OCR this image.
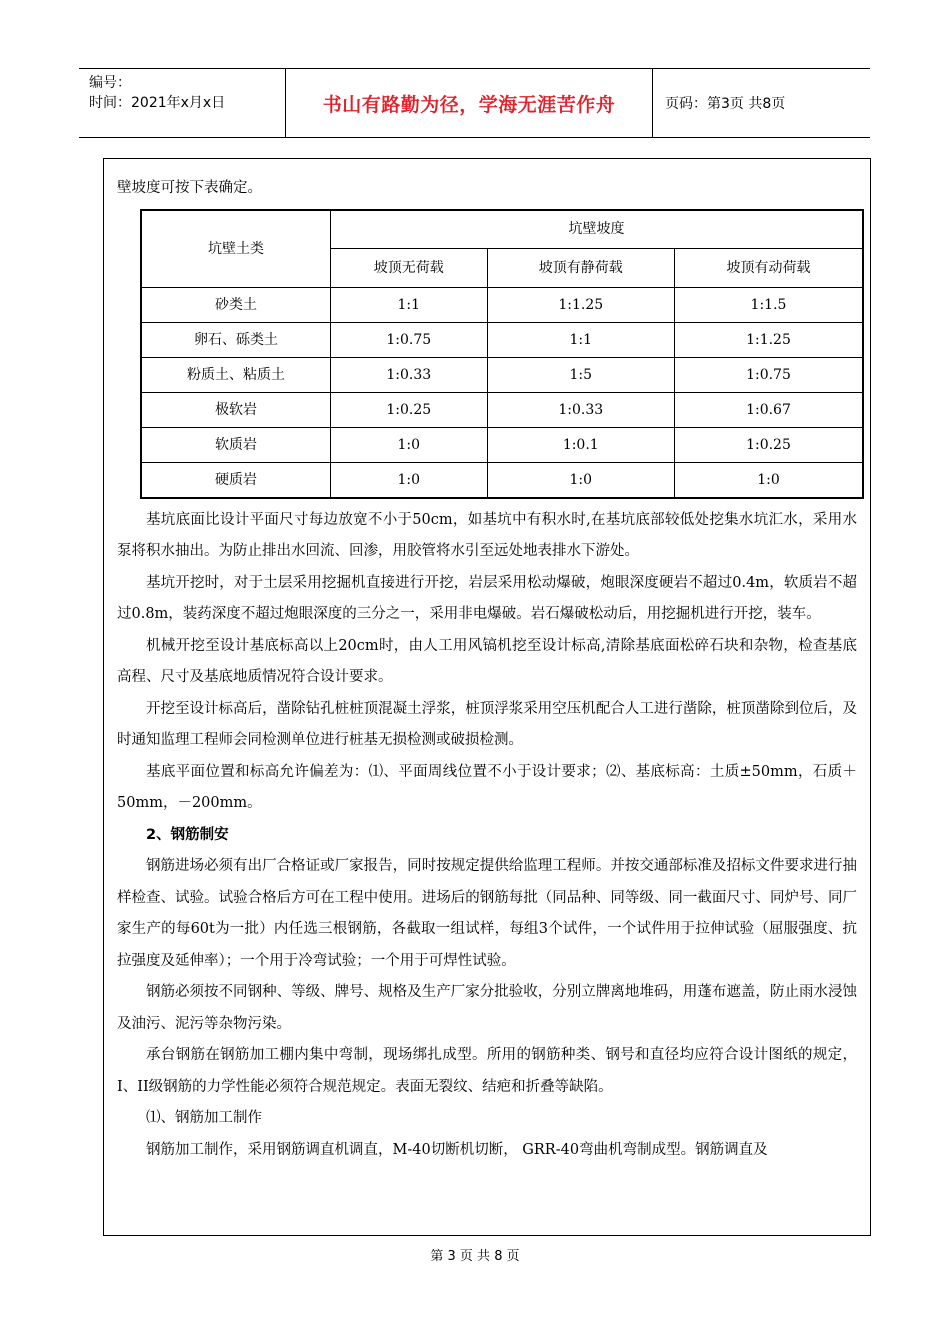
编号：
时间：2021年x月x日	书山有路勤为径，学海无涯苦作舟	页码：第3页 共8页

壁坡度可按下表确定。

坑壁土类	坑壁坡度		
	坡顶无荷载	坡顶有静荷载	坡顶有动荷载
砂类土	1:1	1:1.25	1:1.5
卵石、砾类土	1:0.75	1:1	1:1.25
粉质土、粘质土	1:0.33	1:5	1:0.75
极软岩	1:0.25	1:0.33	1:0.67
软质岩	1:0	1:0.1	1:0.25
硬质岩	1:0	1:0	1:0

基坑底面比设计平面尺寸每边放宽不小于50cm，如基坑中有积水时,在基坑底部较低处挖集水坑汇水，采用水泵将积水抽出。为防止排出水回流、回渗，用胶管将水引至远处地表排水下游处。

基坑开挖时，对于土层采用挖掘机直接进行开挖，岩层采用松动爆破，炮眼深度硬岩不超过0.4m，软质岩不超过0.8m，装药深度不超过炮眼深度的三分之一，采用非电爆破。岩石爆破松动后，用挖掘机进行开挖，装车。

机械开挖至设计基底标高以上20cm时，由人工用风镐机挖至设计标高,清除基底面松碎石块和杂物，检查基底高程、尺寸及基底地质情况符合设计要求。

开挖至设计标高后，凿除钻孔桩桩顶混凝土浮浆，桩顶浮浆采用空压机配合人工进行凿除，桩顶凿除到位后，及时通知监理工程师会同检测单位进行桩基无损检测或破损检测。

基底平面位置和标高允许偏差为：⑴、平面周线位置不小于设计要求；⑵、基底标高：土质±50mm，石质＋50mm，－200mm。

2、钢筋制安

钢筋进场必须有出厂合格证或厂家报告，同时按规定提供给监理工程师。并按交通部标准及招标文件要求进行抽样检查、试验。试验合格后方可在工程中使用。进场后的钢筋每批（同品种、同等级、同一截面尺寸、同炉号、同厂家生产的每60t为一批）内任选三根钢筋，各截取一组试样，每组3个试件，一个试件用于拉伸试验（屈服强度、抗拉强度及延伸率）；一个用于冷弯试验；一个用于可焊性试验。

钢筋必须按不同钢种、等级、牌号、规格及生产厂家分批验收，分别立牌离地堆码，用蓬布遮盖，防止雨水浸蚀及油污、泥污等杂物污染。

承台钢筋在钢筋加工棚内集中弯制，现场绑扎成型。所用的钢筋种类、钢号和直径均应符合设计图纸的规定，I、II级钢筋的力学性能必须符合规范规定。表面无裂纹、结疤和折叠等缺陷。

⑴、钢筋加工制作

钢筋加工制作，采用钢筋调直机调直，M-40切断机切断， GRR-40弯曲机弯制成型。钢筋调直及

第 3 页 共 8 页
